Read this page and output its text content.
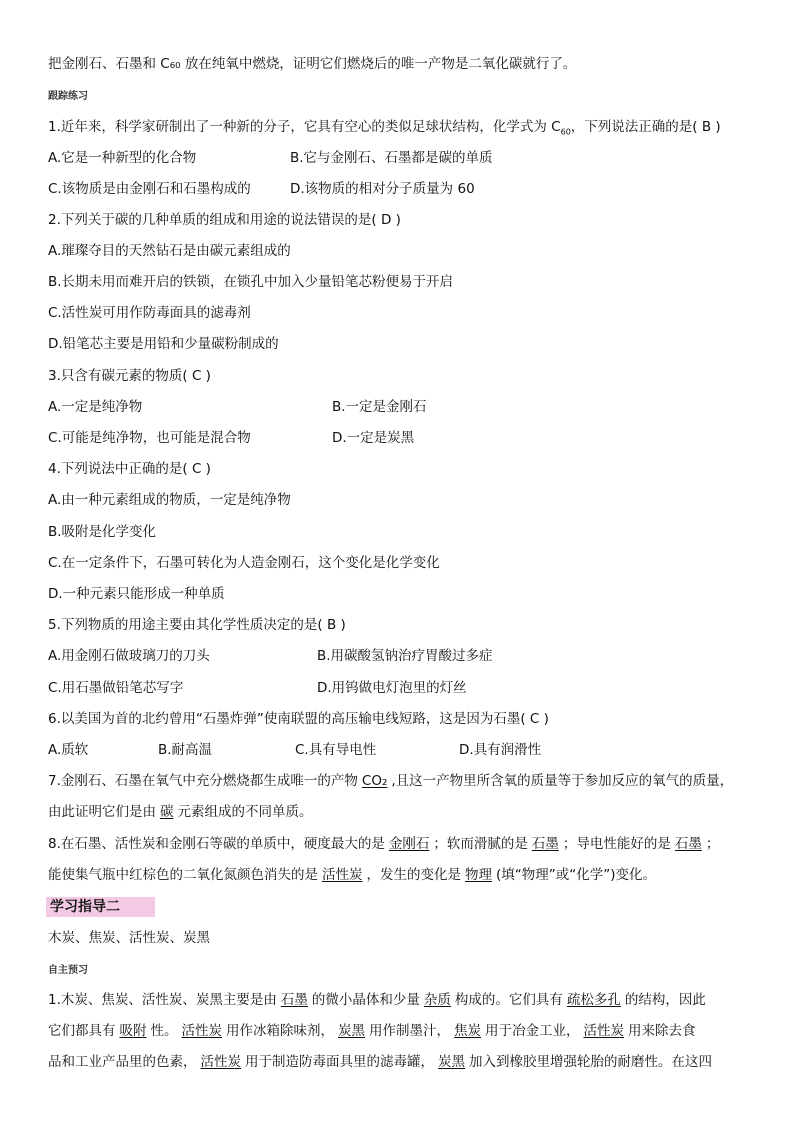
把金刚石、石墨和 C₆₀ 放在纯氧中燃烧，证明它们燃烧后的唯一产物是二氧化碳就行了。
跟踪练习
1.近年来，科学家研制出了一种新的分子，它具有空心的类似足球状结构，化学式为 $C_{60}$，下列说法正确的是( B )
A.它是一种新型的化合物	B.它与金刚石、石墨都是碳的单质
C.该物质是由金刚石和石墨构成的	D.该物质的相对分子质量为 60
2.下列关于碳的几种单质的组成和用途的说法错误的是( D )
A.璀璨夺目的天然钻石是由碳元素组成的
B.长期未用而难开启的铁锁，在锁孔中加入少量铅笔芯粉便易于开启
C.活性炭可用作防毒面具的滤毒剂
D.铅笔芯主要是用铅和少量碳粉制成的
3.只含有碳元素的物质( C )
A.一定是纯净物	B.一定是金刚石
C.可能是纯净物，也可能是混合物	D.一定是炭黑
4.下列说法中正确的是( C )
A.由一种元素组成的物质，一定是纯净物
B.吸附是化学变化
C.在一定条件下，石墨可转化为人造金刚石，这个变化是化学变化
D.一种元素只能形成一种单质
5.下列物质的用途主要由其化学性质决定的是( B )
A.用金刚石做玻璃刀的刀头	B.用碳酸氢钠治疗胃酸过多症
C.用石墨做铅笔芯写字	D.用钨做电灯泡里的灯丝
6.以美国为首的北约曾用“石墨炸弹”使南联盟的高压输电线短路，这是因为石墨( C )
A.质软	B.耐高温	C.具有导电性	D.具有润滑性
7.金刚石、石墨在氧气中充分燃烧都生成唯一的产物 CO₂ ,且这一产物里所含氧的质量等于参加反应的氧气的质量，
由此证明它们是由 碳 元素组成的不同单质。
8.在石墨、活性炭和金刚石等碳的单质中，硬度最大的是 金刚石 ；软而滑腻的是 石墨 ；导电性能好的是 石墨 ；
能使集气瓶中红棕色的二氧化氮颜色消失的是 活性炭 ，发生的变化是 物理 (填“物理”或“化学”)变化。
学习指导二
木炭、焦炭、活性炭、炭黑
自主预习
1.木炭、焦炭、活性炭、炭黑主要是由 石墨 的微小晶体和少量 杂质 构成的。它们具有 疏松多孔 的结构，因此
它们都具有 吸附 性。 活性炭 用作冰箱除味剂， 炭黑 用作制墨汁， 焦炭 用于冶金工业， 活性炭 用来除去食
品和工业产品里的色素， 活性炭 用于制造防毒面具里的滤毒罐， 炭黑 加入到橡胶里增强轮胎的耐磨性。在这四
